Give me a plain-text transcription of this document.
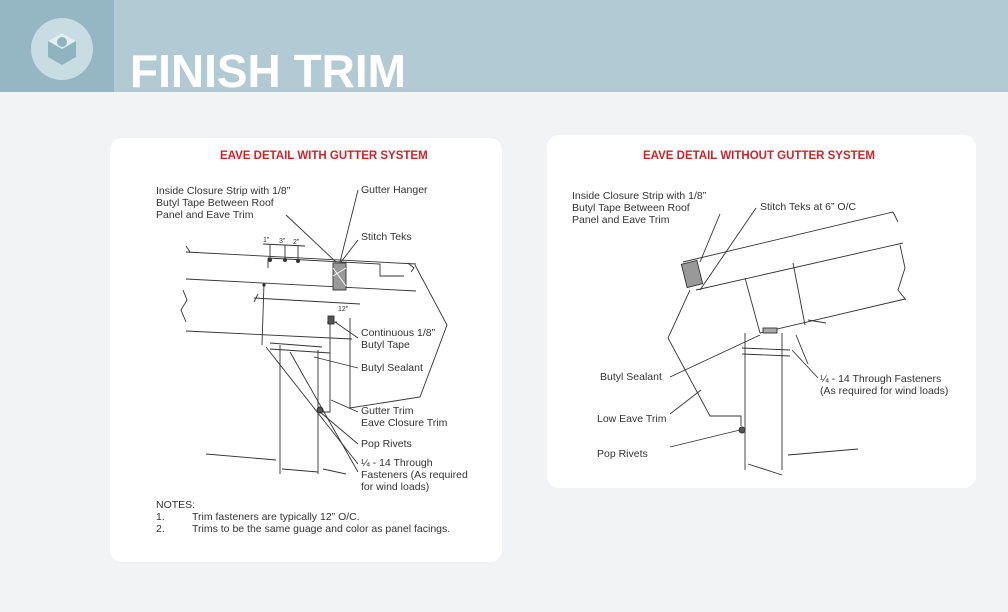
FINISH TRIM
EAVE DETAIL WITH GUTTER SYSTEM
Inside Closure Strip with 1/8”
Butyl Tape Between Roof
Panel and Eave Trim
Gutter Hanger
Stitch Teks
1” 3” 2”
12”
Continuous 1/8”
Butyl Tape
Butyl Sealant
Gutter Trim
Eave Closure Trim
Pop Rivets
¼ - 14 Through
Fasteners (As required
for wind loads)
NOTES:
1.	Trim fasteners are typically 12” O/C.
2.	Trims to be the same guage and color as panel facings.
EAVE DETAIL WITHOUT GUTTER SYSTEM
Inside Closure Strip with 1/8”
Butyl Tape Between Roof
Panel and Eave Trim
Stitch Teks at 6” O/C
Butyl Sealant	¼ - 14 Through Fasteners
(As required for wind loads)
Low Eave Trim
Pop Rivets
